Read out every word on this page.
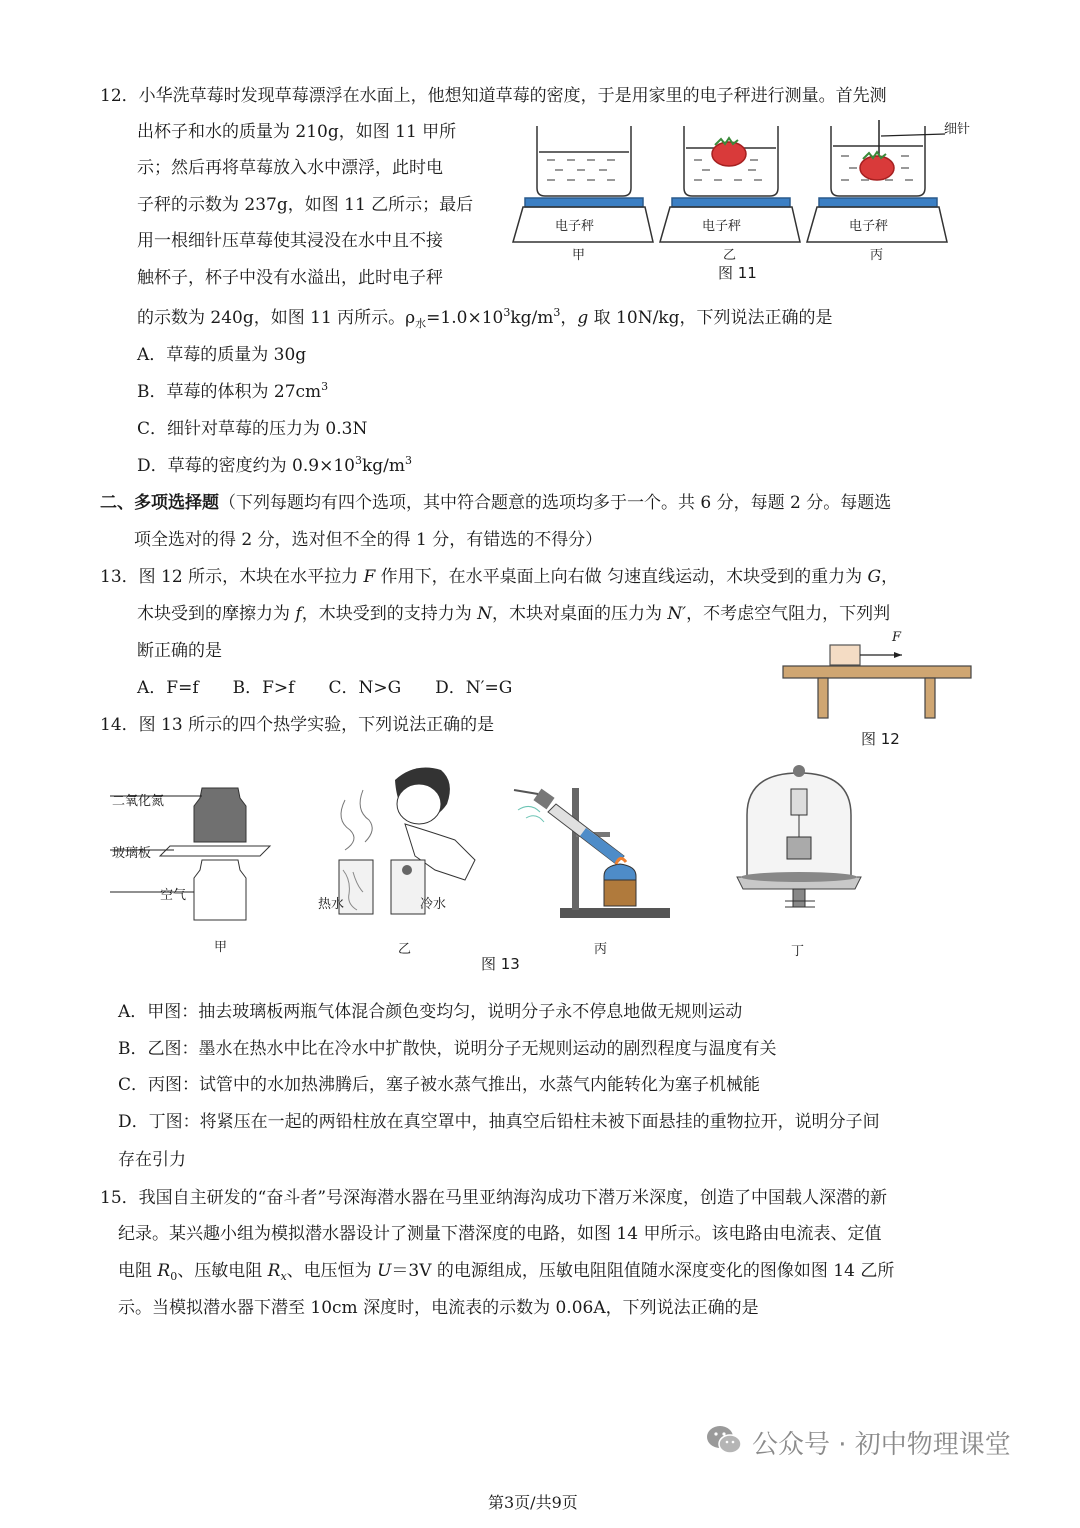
12．小华洗草莓时发现草莓漂浮在水面上，他想知道草莓的密度，于是用家里的电子秤进行测量。首先测
出杯子和水的质量为 210g，如图 11 甲所
示；然后再将草莓放入水中漂浮，此时电
子秤的示数为 237g，如图 11 乙所示；最后
用一根细针压草莓使其浸没在水中且不接
触杯子，杯子中没有水溢出，此时电子秤
的示数为 240g，如图 11 丙所示。$\rho_水=1.0\times 10^3kg/m^3$，g 取 10N/kg，下列说法正确的是
A．草莓的质量为 30g
B．草莓的体积为 $27cm^3$
C．细针对草莓的压力为 0.3N
D．草莓的密度约为 $0.9\times 10^3kg/m^3$
电子秤	电子秤	电子秤
细针
甲	乙	丙
图 11
二、多项选择题（下列每题均有四个选项，其中符合题意的选项均多于一个。共 6 分，每题 2 分。每题选
项全选对的得 2 分，选对但不全的得 1 分，有错选的不得分）
13．图 12 所示，木块在水平拉力 F 作用下，在水平桌面上向右做 匀速直线运动，木块受到的重力为 G，
木块受到的摩擦力为 f，木块受到的支持力为 N，木块对桌面的压力为 N′，不考虑空气阻力，下列判
断正确的是
A．F=f B．F>f C．N>G D．N′=G
F
图 12
14．图 13 所示的四个热学实验，下列说法正确的是
二氧化氮
玻璃板
空气
甲
热水	冷水
乙	丙	丁
图 13
A．甲图：抽去玻璃板两瓶气体混合颜色变均匀，说明分子永不停息地做无规则运动
B．乙图：墨水在热水中比在冷水中扩散快，说明分子无规则运动的剧烈程度与温度有关
C．丙图：试管中的水加热沸腾后，塞子被水蒸气推出，水蒸气内能转化为塞子机械能
D．丁图：将紧压在一起的两铅柱放在真空罩中，抽真空后铅柱未被下面悬挂的重物拉开，说明分子间
存在引力
15．我国自主研发的“奋斗者”号深海潜水器在马里亚纳海沟成功下潜万米深度，创造了中国载人深潜的新
纪录。某兴趣小组为模拟潜水器设计了测量下潜深度的电路，如图 14 甲所示。该电路由电流表、定值
电阻 $R_0$、压敏电阻 $R_x$、电压恒为 U＝3V 的电源组成，压敏电阻阻值随水深度变化的图像如图 14 乙所
示。当模拟潜水器下潜至 10cm 深度时，电流表的示数为 0.06A，下列说法正确的是
公众号 · 初中物理课堂
第3页/共9页
